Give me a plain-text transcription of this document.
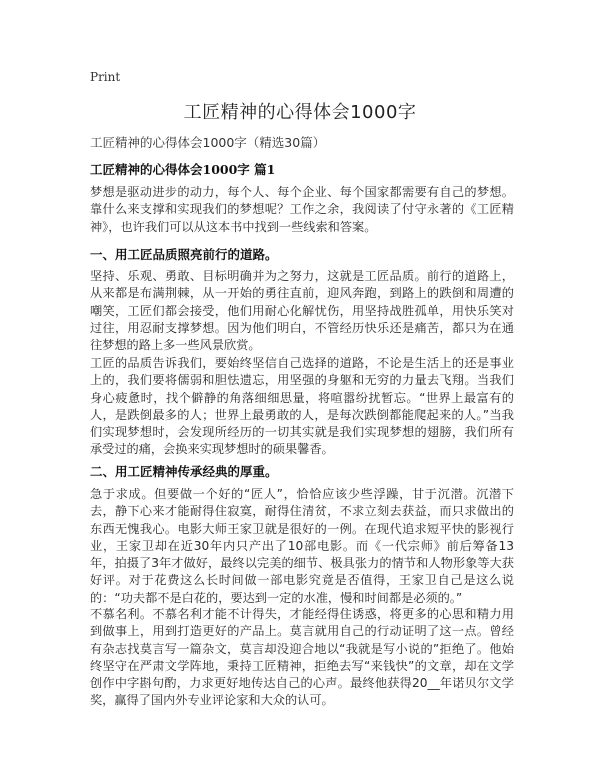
Print
工匠精神的心得体会1000字
工匠精神的心得体会1000字（精选30篇）
工匠精神的心得体会1000字 篇1

梦想是驱动进步的动力，每个人、每个企业、每个国家都需要有自己的梦想。靠什么来支撑和实现我们的梦想呢？工作之余，我阅读了付守永著的《工匠精神》，也许我们可以从这本书中找到一些线索和答案。

一、用工匠品质照亮前行的道路。

坚持、乐观、勇敢、目标明确并为之努力，这就是工匠品质。前行的道路上，从来都是布满荆棘，从一开始的勇往直前，迎风奔跑，到路上的跌倒和周遭的嘲笑，工匠们都会接受，他们用耐心化解忧伤，用坚持战胜孤单，用快乐笑对过往，用忍耐支撑梦想。因为他们明白，不管经历快乐还是痛苦，都只为在通往梦想的路上多一些风景欣赏。

工匠的品质告诉我们，要始终坚信自己选择的道路，不论是生活上的还是事业上的，我们要将儒弱和胆怯遗忘，用坚强的身躯和无穷的力量去飞翔。当我们身心疲惫时，找个僻静的角落细细思量，将喧嚣纷扰暂忘。“世界上最富有的人，是跌倒最多的人；世界上最勇敢的人，是每次跌倒都能爬起来的人。”当我们实现梦想时，会发现所经历的一切其实就是我们实现梦想的翅膀，我们所有承受过的痛，会换来实现梦想时的硕果馨香。

二、用工匠精神传承经典的厚重。

急于求成。但要做一个好的“匠人”，恰恰应该少些浮躁，甘于沉潜。沉潜下去，静下心来才能耐得住寂寞，耐得住清贫，不求立刻去获益，而只求做出的东西无愧我心。电影大师王家卫就是很好的一例。在现代追求短平快的影视行业，王家卫却在近30年内只产出了10部电影。而《一代宗师》前后筹备13年，拍摄了3年才做好，最终以完美的细节、极具张力的情节和人物形象等大获好评。对于花费这么长时间做一部电影究竟是否值得，王家卫自己是这么说的：“功夫都不是白花的，要达到一定的水准，慢和时间都是必须的。”

不慕名利。不慕名利才能不计得失，才能经得住诱惑，将更多的心思和精力用到做事上，用到打造更好的产品上。莫言就用自己的行动证明了这一点。曾经有杂志找莫言写一篇杂文，莫言却没迎合地以“我就是写小说的”拒绝了。他始终坚守在严肃文学阵地，秉持工匠精神，拒绝去写“来钱快”的文章，却在文学创作中字斟句酌，力求更好地传达自己的心声。最终他获得20__年诺贝尔文学奖，赢得了国内外专业评论家和大众的认可。
